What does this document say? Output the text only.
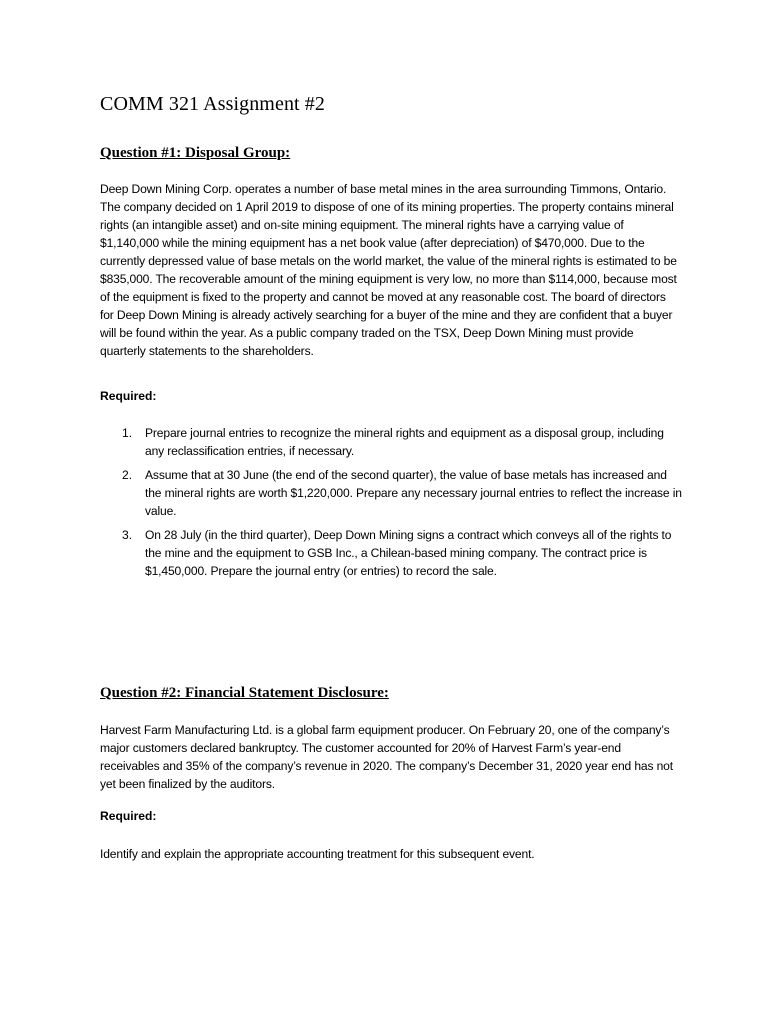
COMM 321 Assignment #2
Question #1: Disposal Group:

Deep Down Mining Corp. operates a number of base metal mines in the area surrounding Timmons, Ontario. The company decided on 1 April 2019 to dispose of one of its mining properties. The property contains mineral rights (an intangible asset) and on-site mining equipment. The mineral rights have a carrying value of $1,140,000 while the mining equipment has a net book value (after depreciation) of $470,000. Due to the currently depressed value of base metals on the world market, the value of the mineral rights is estimated to be $835,000. The recoverable amount of the mining equipment is very low, no more than $114,000, because most of the equipment is fixed to the property and cannot be moved at any reasonable cost. The board of directors for Deep Down Mining is already actively searching for a buyer of the mine and they are confident that a buyer will be found within the year. As a public company traded on the TSX, Deep Down Mining must provide quarterly statements to the shareholders.

Required:

1.	Prepare journal entries to recognize the mineral rights and equipment as a disposal group, including any reclassification entries, if necessary.
2.	Assume that at 30 June (the end of the second quarter), the value of base metals has increased and the mineral rights are worth $1,220,000. Prepare any necessary journal entries to reflect the increase in value.
3.	On 28 July (in the third quarter), Deep Down Mining signs a contract which conveys all of the rights to the mine and the equipment to GSB Inc., a Chilean-based mining company. The contract price is $1,450,000. Prepare the journal entry (or entries) to record the sale.
Question #2: Financial Statement Disclosure:

Harvest Farm Manufacturing Ltd. is a global farm equipment producer. On February 20, one of the company’s major customers declared bankruptcy. The customer accounted for 20% of Harvest Farm’s year-end receivables and 35% of the company’s revenue in 2020. The company’s December 31, 2020 year end has not yet been finalized by the auditors.

Required:

Identify and explain the appropriate accounting treatment for this subsequent event.
